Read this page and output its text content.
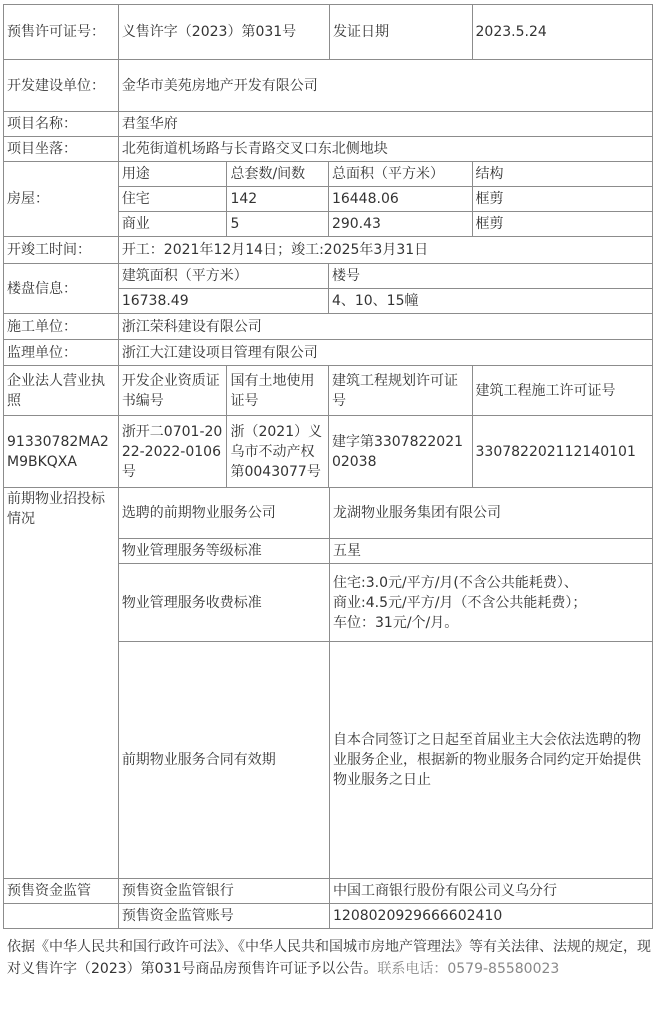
预售许可证号：	义售许字（2023）第031号		发证日期	2023.5.24
开发建设单位：	金华市美苑房地产开发有限公司			
项目名称：	君玺华府			
项目坐落：	北苑街道机场路与长青路交叉口东北侧地块			
房屋：	用途	总套数/间数	总面积（平方米）	结构
	住宅	142	16448.06	框剪
	商业	5	290.43	框剪
开竣工时间：	开工：2021年12月14日；竣工:2025年3月31日			
楼盘信息：	建筑面积（平方米）		楼号	
	16738.49		4、10、15幢	
施工单位：	浙江荣科建设有限公司			
监理单位：	浙江大江建设项目管理有限公司			
企业法人营业执照	开发企业资质证书编号	国有土地使用证号	建筑工程规划许可证号	建筑工程施工许可证号
91330782MA2M9BKQXA	浙开二0701-2022-2022-0106号	浙（2021）义乌市不动产权第0043077号	建字第330782202102038	330782202112140101
前期物业招投标情况	选聘的前期物业服务公司		龙湖物业服务集团有限公司	
	物业管理服务等级标准		五星	
	物业管理服务收费标准		住宅:3.0元/平方/月(不含公共能耗费）、
商业:4.5元/平方/月（不含公共能耗费）；
车位：31元/个/月。	

	前期物业服务合同有效期		自本合同签订之日起至首届业主大会依法选聘的物业服务企业，根据新的物业服务合同约定开始提供物业服务之日止	
预售资金监管	预售资金监管银行		中国工商银行股份有限公司义乌分行	
	预售资金监管账号		1208020929666602410	
依据《中华人民共和国行政许可法》、《中华人民共和国城市房地产管理法》等有关法律、法规的规定，现对义售许字（2023）第031号商品房预售许可证予以公告。联系电话：0579-85580023
